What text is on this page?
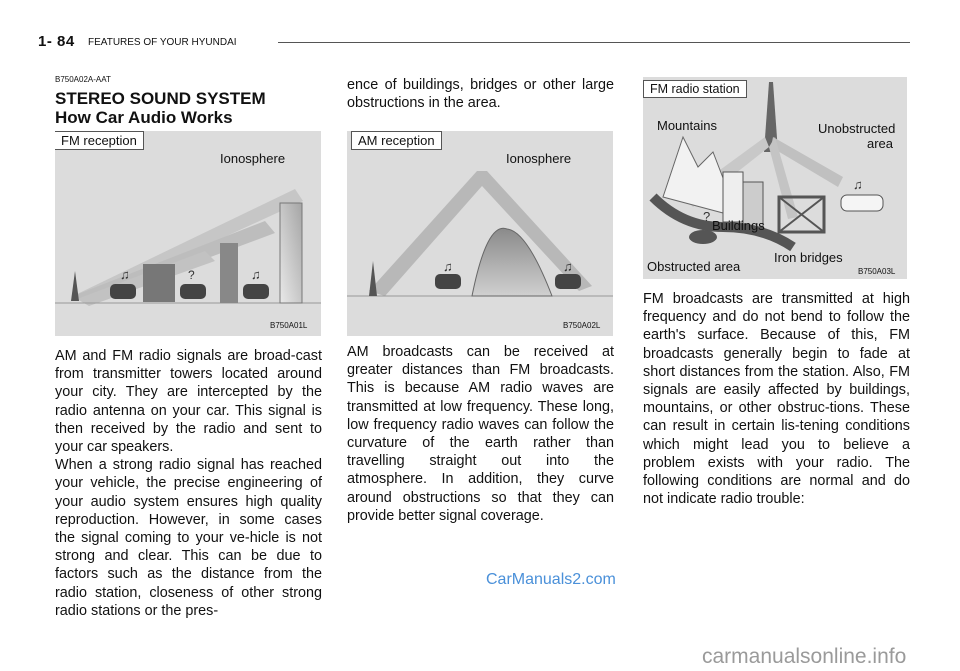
1- 84 FEATURES OF YOUR HYUNDAI
B750A02A-AAT
STEREO SOUND SYSTEM
How Car Audio Works
♫	?	♫
FM reception
Ionosphere
B750A01L
♫	♫
AM reception
Ionosphere
B750A02L
♫
?
FM radio station
Mountains	Unobstructed
area
Buildings
Obstructed area
Iron bridges
B750A03L

AM and FM radio signals are broad-cast from transmitter towers located around your city. They are intercepted by the radio antenna on your car. This signal is then received by the radio and sent to your car speakers.

When a strong radio signal has reached your vehicle, the precise engineering of your audio system ensures high quality reproduction. However, in some cases the signal coming to your ve-hicle is not strong and clear. This can be due to factors such as the distance from the radio station, closeness of other strong radio stations or the pres-

ence of buildings, bridges or other large obstructions in the area.
AM broadcasts can be received at greater distances than FM broadcasts. This is because AM radio waves are transmitted at low frequency. These long, low frequency radio waves can follow the curvature of the earth rather than travelling straight out into the atmosphere. In addition, they curve around obstructions so that they can provide better signal coverage.
FM broadcasts are transmitted at high frequency and do not bend to follow the earth's surface. Because of this, FM broadcasts generally begin to fade at short distances from the station. Also, FM signals are easily affected by buildings, mountains, or other obstruc-tions. These can result in certain lis-tening conditions which might lead you to believe a problem exists with your radio. The following conditions are normal and do not indicate radio trouble:
CarManuals2.com
carmanualsonline.info
